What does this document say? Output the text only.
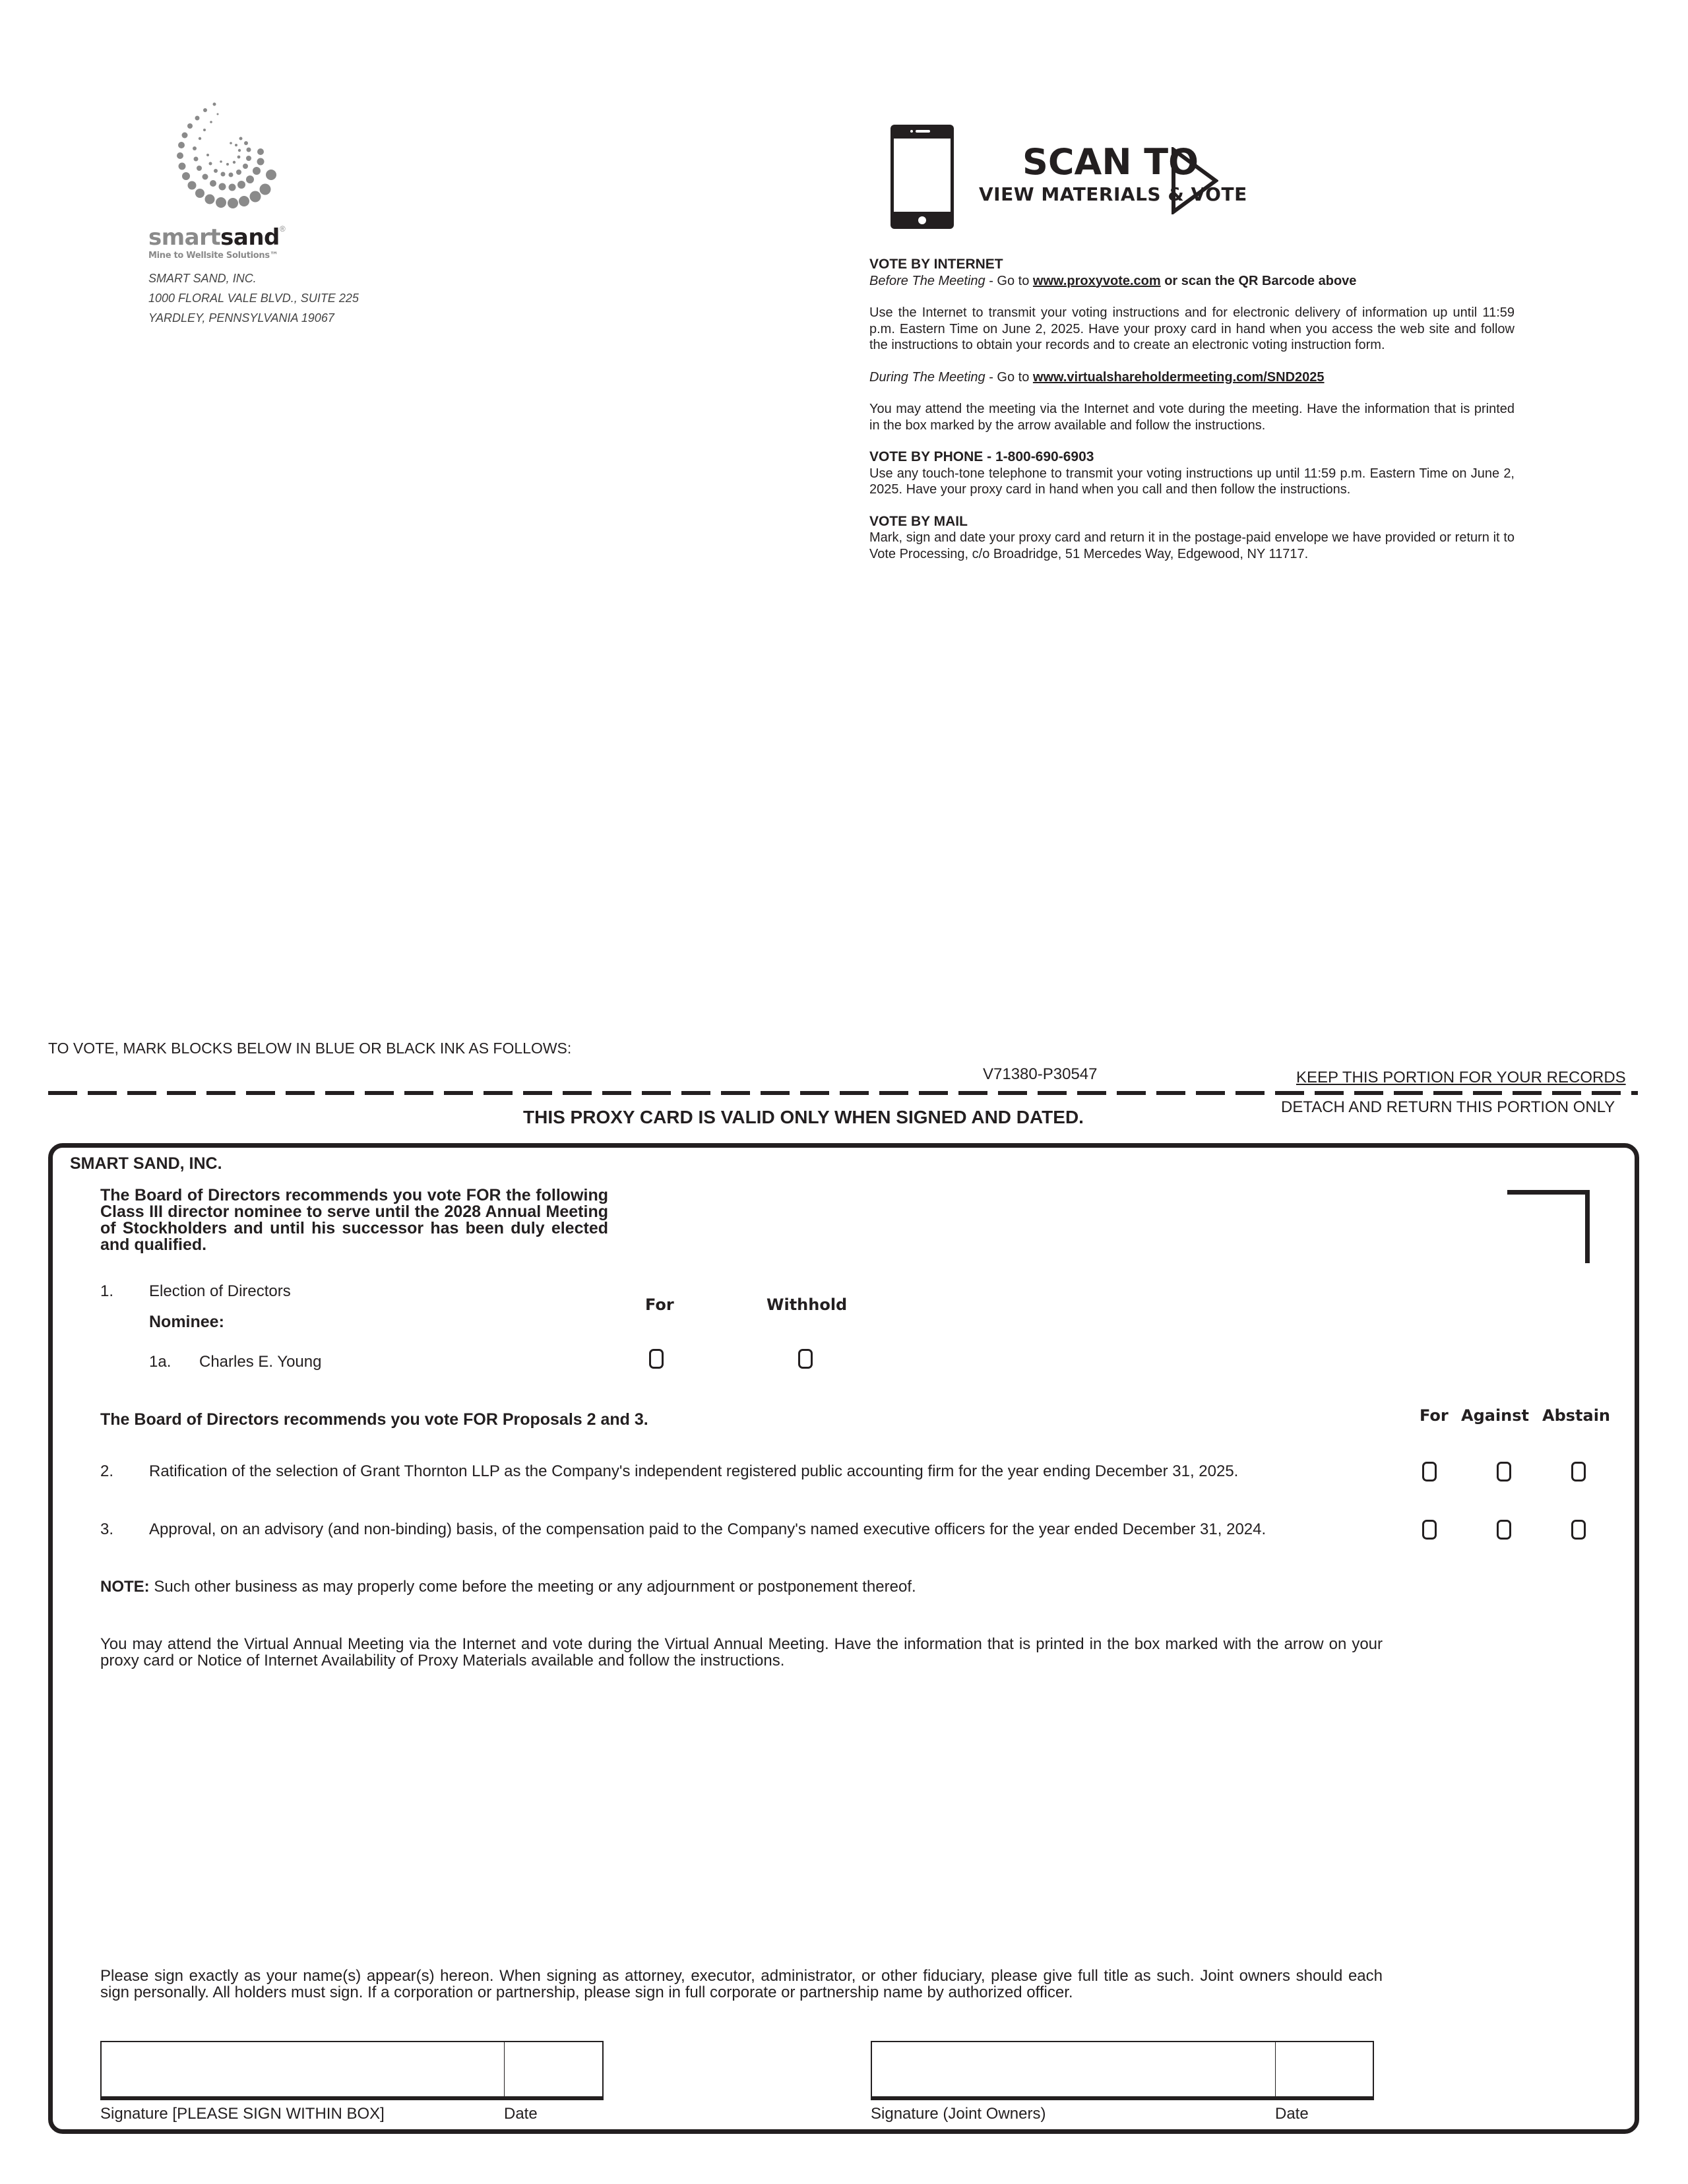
smartsand®
Mine to Wellsite Solutions™
SMART SAND, INC.
1000 FLORAL VALE BLVD., SUITE 225
YARDLEY, PENNSYLVANIA 19067
SCAN TO
VIEW MATERIALS & VOTE
VOTE BY INTERNET

Before The Meeting - Go to www.proxyvote.com or scan the QR Barcode above

Use the Internet to transmit your voting instructions and for electronic delivery of information up until 11:59 p.m. Eastern Time on June 2, 2025. Have your proxy card in hand when you access the web site and follow the instructions to obtain your records and to create an electronic voting instruction form.

During The Meeting - Go to www.virtualshareholdermeeting.com/SND2025

You may attend the meeting via the Internet and vote during the meeting. Have the information that is printed in the box marked by the arrow available and follow the instructions.

VOTE BY PHONE - 1-800-690-6903

Use any touch-tone telephone to transmit your voting instructions up until 11:59 p.m. Eastern Time on June 2, 2025. Have your proxy card in hand when you call and then follow the instructions.

VOTE BY MAIL

Mark, sign and date your proxy card and return it in the postage-paid envelope we have provided or return it to Vote Processing, c/o Broadridge, 51 Mercedes Way, Edgewood, NY 11717.

TO VOTE, MARK BLOCKS BELOW IN BLUE OR BLACK INK AS FOLLOWS:
V71380-P30547	KEEP THIS PORTION FOR YOUR RECORDS
DETACH AND RETURN THIS PORTION ONLY
THIS PROXY CARD IS VALID ONLY WHEN SIGNED AND DATED.
SMART SAND, INC.
The Board of Directors recommends you vote FOR the following Class III director nominee to serve until the 2028 Annual Meeting of Stockholders and until his successor has been duly elected and qualified.
1. Election of Directors
Nominee:
For	Withhold
1a. Charles E. Young
The Board of Directors recommends you vote FOR Proposals 2 and 3.	For Against Abstain
2. Ratification of the selection of Grant Thornton LLP as the Company's independent registered public accounting firm for the year ending December 31, 2025.
3. Approval, on an advisory (and non-binding) basis, of the compensation paid to the Company's named executive officers for the year ended December 31, 2024.
NOTE: Such other business as may properly come before the meeting or any adjournment or postponement thereof.
You may attend the Virtual Annual Meeting via the Internet and vote during the Virtual Annual Meeting. Have the information that is printed in the box marked with the arrow on your proxy card or Notice of Internet Availability of Proxy Materials available and follow the instructions.
Please sign exactly as your name(s) appear(s) hereon. When signing as attorney, executor, administrator, or other fiduciary, please give full title as such. Joint owners should each sign personally. All holders must sign. If a corporation or partnership, please sign in full corporate or partnership name by authorized officer.
Signature [PLEASE SIGN WITHIN BOX]	Date	Signature (Joint Owners)	Date
